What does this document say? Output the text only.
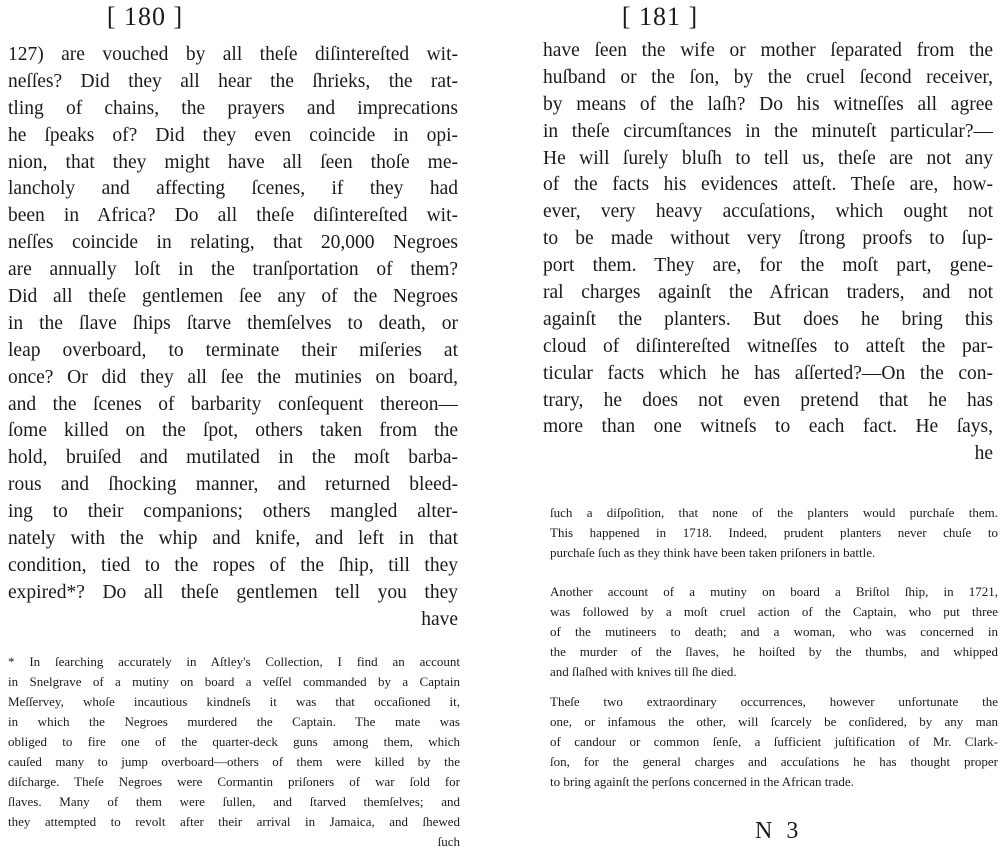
[ 180 ]
127) are vouched by all theſe diſintereſted wit-
neſſes? Did they all hear the ſhrieks, the rat-
tling of chains, the prayers and imprecations
he ſpeaks of? Did they even coincide in opi-
nion, that they might have all ſeen thoſe me-
lancholy and affecting ſcenes, if they had
been in Africa? Do all theſe diſintereſted wit-
neſſes coincide in relating, that 20,000 Negroes
are annually loſt in the tranſportation of them?
Did all theſe gentlemen ſee any of the Negroes
in the ſlave ſhips ſtarve themſelves to death, or
leap overboard, to terminate their miſeries at
once? Or did they all ſee the mutinies on board,
and the ſcenes of barbarity conſequent thereon—
ſome killed on the ſpot, others taken from the
hold, bruiſed and mutilated in the moſt barba-
rous and ſhocking manner, and returned bleed-
ing to their companions; others mangled alter-
nately with the whip and knife, and left in that
condition, tied to the ropes of the ſhip, till they
expired*? Do all theſe gentlemen tell you they
have
* In ſearching accurately in Aſtley's Collection, I find an account
in Snelgrave of a mutiny on board a veſſel commanded by a Captain
Meſſervey, whoſe incautious kindneſs it was that occaſioned it,
in which the Negroes murdered the Captain. The mate was
obliged to fire one of the quarter-deck guns among them, which
cauſed many to jump overboard—others of them were killed by the
diſcharge. Theſe Negroes were Cormantin priſoners of war ſold for
ſlaves. Many of them were ſullen, and ſtarved themſelves; and
they attempted to revolt after their arrival in Jamaica, and ſhewed
ſuch
[ 181 ]
have ſeen the wife or mother ſeparated from the
huſband or the ſon, by the cruel ſecond receiver,
by means of the laſh? Do his witneſſes all agree
in theſe circumſtances in the minuteſt particular?—
He will ſurely bluſh to tell us, theſe are not any
of the facts his evidences atteſt. Theſe are, how-
ever, very heavy accuſations, which ought not
to be made without very ſtrong proofs to ſup-
port them. They are, for the moſt part, gene-
ral charges againſt the African traders, and not
againſt the planters. But does he bring this
cloud of diſintereſted witneſſes to atteſt the par-
ticular facts which he has aſſerted?—On the con-
trary, he does not even pretend that he has
more than one witneſs to each fact. He ſays,
he
ſuch a diſpoſition, that none of the planters would purchaſe them.
This happened in 1718. Indeed, prudent planters never chuſe to
purchaſe ſuch as they think have been taken priſoners in battle.
Another account of a mutiny on board a Briſtol ſhip, in 1721,
was followed by a moſt cruel action of the Captain, who put three
of the mutineers to death; and a woman, who was concerned in
the murder of the ſlaves, he hoiſted by the thumbs, and whipped
and ſlaſhed with knives till ſhe died.
Theſe two extraordinary occurrences, however unfortunate the
one, or infamous the other, will ſcarcely be conſidered, by any man
of candour or common ſenſe, a ſufficient juſtification of Mr. Clark-
ſon, for the general charges and accuſations he has thought proper
to bring againſt the perſons concerned in the African trade.
N 3
